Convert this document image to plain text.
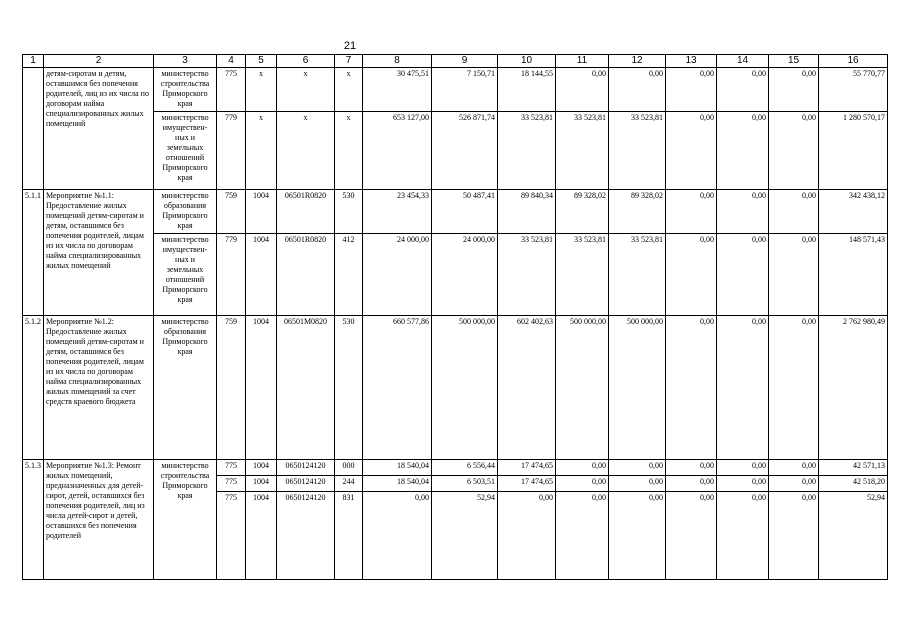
21
1	2	3	4	5	6	7	8	9	10	11	12	13	14	15	16
	детям-сиротам и детям, оставшимся без попечения родителей, лиц из их числа по договорам найма специализированных жилых помещений	министерство строительства Приморского края	775	х	х	х	30 475,51	7 150,71	18 144,55	0,00	0,00	0,00	0,00	0,00	55 770,77
		министерство имуществен-ных и земельных отношений Приморского края	779	х	х	х	653 127,00	526 871,74	33 523,81	33 523,81	33 523,81	0,00	0,00	0,00	1 280 570,17
5.1.1	Мероприятие №1.1: Предоставление жилых помещений детям-сиротам и детям, оставшимся без попечения родителей, лицам из их числа по договорам найма специализированных жилых помещений	министерство образования Приморского края	759	1004	06501R0820	530	23 454,33	50 487,41	89 840,34	89 328,02	89 328,02	0,00	0,00	0,00	342 438,12
		министерство имуществен-ных и земельных отношений Приморского края	779	1004	06501R0820	412	24 000,00	24 000,00	33 523,81	33 523,81	33 523,81	0,00	0,00	0,00	148 571,43
5.1.2	Мероприятие №1.2: Предоставление жилых помещений детям-сиротам и детям, оставшимся без попечения родителей, лицам из их числа по договорам найма специализированных жилых помещений за счет средств краевого бюджета	министерство образования Приморского края	759	1004	06501М0820	530	660 577,86	500 000,00	602 402,63	500 000,00	500 000,00	0,00	0,00	0,00	2 762 980,49
5.1.3	Мероприятие №1.3: Ремонт жилых помещений, предназначенных для детей-сирот, детей, оставшихся без попечения родителей, лиц из числа детей-сирот и детей, оставшихся без попечения родителей	министерство строительства Приморского края	775	1004	0650124120	000	18 540,04	6 556,44	17 474,65	0,00	0,00	0,00	0,00	0,00	42 571,13
			775	1004	0650124120	244	18 540,04	6 503,51	17 474,65	0,00	0,00	0,00	0,00	0,00	42 518,20
			775	1004	0650124120	831	0,00	52,94	0,00	0,00	0,00	0,00	0,00	0,00	52,94
